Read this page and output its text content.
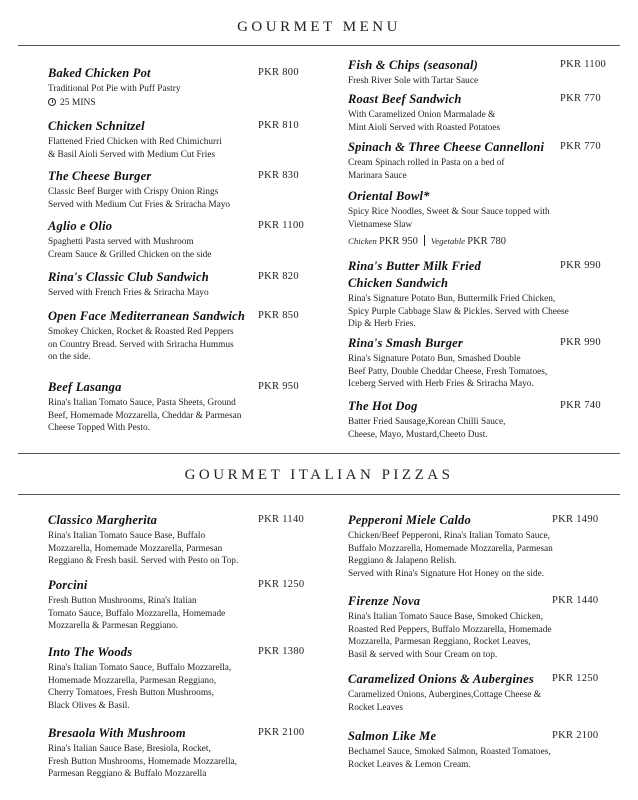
GOURMET MENU
GOURMET ITALIAN PIZZAS
Baked Chicken Pot	PKR 800
Traditional Pot Pie with Puff Pastry
25 MINS
Chicken Schnitzel	PKR 810
Flattened Fried Chicken with Red Chimichurri
& Basil Aioli Served with Medium Cut Fries
The Cheese Burger	PKR 830
Classic Beef Burger with Crispy Onion Rings
Served with Medium Cut Fries & Sriracha Mayo
Aglio e Olio	PKR 1100
Spaghetti Pasta served with Mushroom
Cream Sauce & Grilled Chicken on the side
Rina's Classic Club Sandwich	PKR 820
Served with French Fries & Sriracha Mayo
Open Face Mediterranean Sandwich PKR 850
Smokey Chicken, Rocket & Roasted Red Peppers
on Country Bread. Served with Sriracha Hummus
on the side.
Beef Lasanga	PKR 950
Rina's Italian Tomato Sauce, Pasta Sheets, Ground
Beef, Homemade Mozzarella, Cheddar & Parmesan
Cheese Topped With Pesto.
Fish & Chips (seasonal)	PKR 1100
Fresh River Sole with Tartar Sauce
Roast Beef Sandwich	PKR 770
With Caramelized Onion Marmalade &
Mint Aioli Served with Roasted Potatoes
Spinach & Three Cheese Cannelloni PKR 770
Cream Spinach rolled in Pasta on a bed of
Marinara Sauce
Oriental Bowl*
Spicy Rice Noodles, Sweet & Sour Sauce topped with
Vietnamese Slaw
Chicken PKR 950 Vegetable PKR 780
Rina's Butter Milk Fried
Chicken Sandwich
PKR 990
Rina's Signature Potato Bun, Buttermilk Fried Chicken,
Spicy Purple Cabbage Slaw & Pickles. Served with Cheese
Dip & Herb Fries.
Rina's Smash Burger	PKR 990
Rina's Signature Potato Bun, Smashed Double
Beef Patty, Double Cheddar Cheese, Fresh Tomatoes,
Iceberg Served with Herb Fries & Sriracha Mayo.
The Hot Dog	PKR 740
Batter Fried Sausage,Korean Chilli Sauce,
Cheese, Mayo, Mustard,Cheeto Dust.
Classico Margherita	PKR 1140
Rina's Italian Tomato Sauce Base, Buffalo
Mozzarella, Homemade Mozzarella, Parmesan
Reggiano & Fresh basil. Served with Pesto on Top.
Porcini	PKR 1250
Fresh Button Mushrooms, Rina's Italian
Tomato Sauce, Buffalo Mozzarella, Homemade
Mozzarella & Parmesan Reggiano.
Into The Woods	PKR 1380
Rina's Italian Tomato Sauce, Buffalo Mozzarella,
Homemade Mozzarella, Parmesan Reggiano,
Cherry Tomatoes, Fresh Button Mushrooms,
Black Olives & Basil.
Bresaola With Mushroom	PKR 2100
Rina's Italian Sauce Base, Bresiola, Rocket,
Fresh Button Mushrooms, Homemade Mozzarella,
Parmesan Reggiano & Buffalo Mozzarella
Pepperoni Miele Caldo	PKR 1490
Chicken/Beef Pepperoni, Rina's Italian Tomato Sauce,
Buffalo Mozzarella, Homemade Mozzarella, Parmesan
Reggiano & Jalapeno Relish.
Served with Rina's Signature Hot Honey on the side.
Firenze Nova	PKR 1440
Rina's Italian Tomato Sauce Base, Smoked Chicken,
Roasted Red Peppers, Buffalo Mozzarella, Homemade
Mozzarella, Parmesan Reggiano, Rocket Leaves,
Basil & served with Sour Cream on top.
Caramelized Onions & Aubergines PKR 1250
Caramelized Onions, Aubergines,Cottage Cheese &
Rocket Leaves
Salmon Like Me	PKR 2100
Bechamel Sauce, Smoked Salmon, Roasted Tomatoes,
Rocket Leaves & Lemon Cream.
